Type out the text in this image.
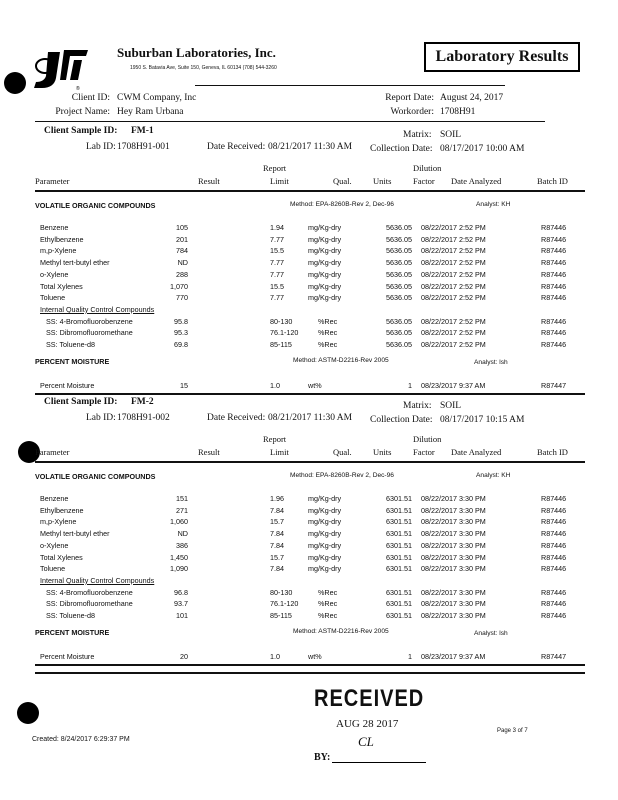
®
Suburban Laboratories, Inc.
1950 S. Batavia Ave, Suite 150, Geneva, IL 60134 (708) 544-3260
Laboratory Results
Client ID: CWM Company, Inc
Project Name: Hey Ram Urbana
Report Date: August 24, 2017
Workorder: 1708H91
Client Sample ID: FM-1
Lab ID: 1708H91-001	Date Received: 08/21/2017 11:30 AM
Matrix: SOIL
Collection Date: 08/17/2017 10:00 AM
Report	Dilution
Parameter	Result	Limit	Qual.	Units	Factor Date Analyzed	Batch ID
VOLATILE ORGANIC COMPOUNDS	Method: EPA-8260B-Rev 2, Dec-96	Analyst: KH
Benzene	105	1.94	mg/Kg-dry	5636.05 08/22/2017 2:52 PM	R87446
Ethylbenzene	201	7.77	mg/Kg-dry	5636.05 08/22/2017 2:52 PM	R87446
m,p-Xylene	784	15.5	mg/Kg-dry	5636.05 08/22/2017 2:52 PM	R87446
Methyl tert-butyl ether	ND	7.77	mg/Kg-dry	5636.05 08/22/2017 2:52 PM	R87446
o-Xylene	288	7.77	mg/Kg-dry	5636.05 08/22/2017 2:52 PM	R87446
Total Xylenes	1,070	15.5	mg/Kg-dry	5636.05 08/22/2017 2:52 PM	R87446
Toluene	770	7.77	mg/Kg-dry	5636.05 08/22/2017 2:52 PM	R87446
Internal Quality Control Compounds
SS: 4-Bromofluorobenzene	95.8	80-130	%Rec	5636.05 08/22/2017 2:52 PM	R87446
SS: Dibromofluoromethane	95.3	76.1-120	%Rec	5636.05 08/22/2017 2:52 PM	R87446
SS: Toluene-d8	69.8	85-115	%Rec	5636.05 08/22/2017 2:52 PM	R87446
PERCENT MOISTURE	Method: ASTM-D2216-Rev 2005	Analyst: lsh
Percent Moisture	15	1.0	wt%	1 08/23/2017 9:37 AM	R87447
Client Sample ID: FM-2
Lab ID: 1708H91-002	Date Received: 08/21/2017 11:30 AM
Matrix: SOIL
Collection Date: 08/17/2017 10:15 AM
Report	Dilution
Parameter	Result	Limit	Qual.	Units	Factor Date Analyzed	Batch ID
VOLATILE ORGANIC COMPOUNDS	Method: EPA-8260B-Rev 2, Dec-96	Analyst: KH
Benzene	151	1.96	mg/Kg-dry	6301.51 08/22/2017 3:30 PM	R87446
Ethylbenzene	271	7.84	mg/Kg-dry	6301.51 08/22/2017 3:30 PM	R87446
m,p-Xylene	1,060	15.7	mg/Kg-dry	6301.51 08/22/2017 3:30 PM	R87446
Methyl tert-butyl ether	ND	7.84	mg/Kg-dry	6301.51 08/22/2017 3:30 PM	R87446
o-Xylene	386	7.84	mg/Kg-dry	6301.51 08/22/2017 3:30 PM	R87446
Total Xylenes	1,450	15.7	mg/Kg-dry	6301.51 08/22/2017 3:30 PM	R87446
Toluene	1,090	7.84	mg/Kg-dry	6301.51 08/22/2017 3:30 PM	R87446
Internal Quality Control Compounds
SS: 4-Bromofluorobenzene	96.8	80-130	%Rec	6301.51 08/22/2017 3:30 PM	R87446
SS: Dibromofluoromethane	93.7	76.1-120	%Rec	6301.51 08/22/2017 3:30 PM	R87446
SS: Toluene-d8	101	85-115	%Rec	6301.51 08/22/2017 3:30 PM	R87446
PERCENT MOISTURE	Method: ASTM-D2216-Rev 2005	Analyst: lsh
Percent Moisture	20	1.0	wt%	1 08/23/2017 9:37 AM	R87447
Created: 8/24/2017 6:29:37 PM
Page 3 of 7
RECEIVED
AUG 28 2017
CL
BY:
